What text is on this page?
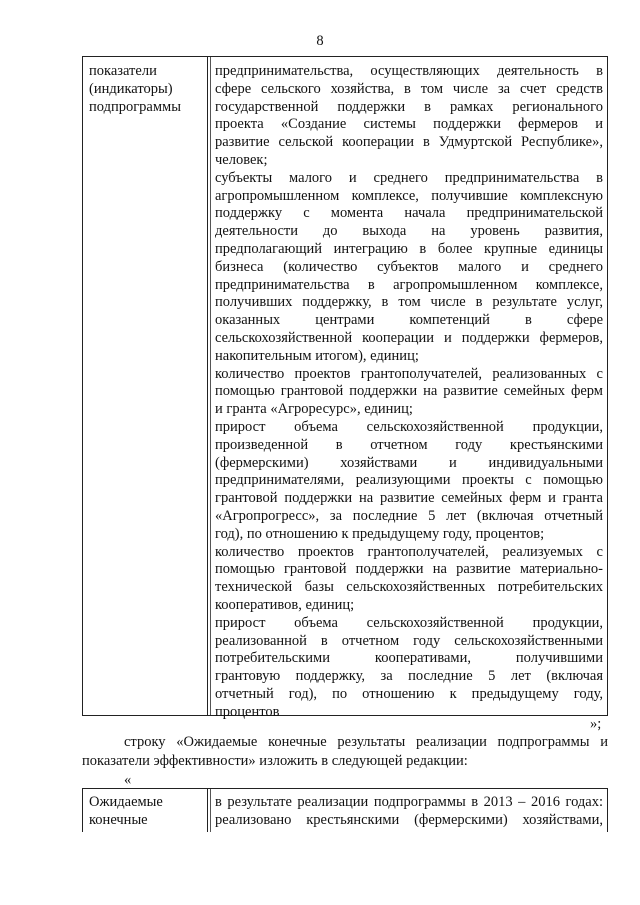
8
показатели
(индикаторы)
подпрограммы
предпринимательства, осуществляющих деятельность в
сфере сельского хозяйства, в том числе за счет средств
государственной поддержки в рамках регионального
проекта «Создание системы поддержки фермеров и
развитие сельской кооперации в Удмуртской Республике»,
человек;
субъекты малого и среднего предпринимательства в
агропромышленном комплексе, получившие комплексную
поддержку с момента начала предпринимательской
деятельности до выхода на уровень развития,
предполагающий интеграцию в более крупные единицы
бизнеса (количество субъектов малого и среднего
предпринимательства в агропромышленном комплексе,
получивших поддержку, в том числе в результате услуг,
оказанных центрами компетенций в сфере
сельскохозяйственной кооперации и поддержки фермеров,
накопительным итогом), единиц;
количество проектов грантополучателей, реализованных с
помощью грантовой поддержки на развитие семейных ферм
и гранта «Агроресурс», единиц;
прирост объема сельскохозяйственной продукции,
произведенной в отчетном году крестьянскими
(фермерскими) хозяйствами и индивидуальными
предпринимателями, реализующими проекты с помощью
грантовой поддержки на развитие семейных ферм и гранта
«Агропрогресс», за последние 5 лет (включая отчетный
год), по отношению к предыдущему году, процентов;
количество проектов грантополучателей, реализуемых с
помощью грантовой поддержки на развитие материально-
технической базы сельскохозяйственных потребительских
кооперативов, единиц;
прирост объема сельскохозяйственной продукции,
реализованной в отчетном году сельскохозяйственными
потребительскими кооперативами, получившими
грантовую поддержку, за последние 5 лет (включая
отчетный год), по отношению к предыдущему году,
процентов
»;
строку «Ожидаемые конечные результаты реализации подпрограммы и
показатели эффективности» изложить в следующей редакции:
«
Ожидаемые
конечные
в результате реализации подпрограммы в 2013 – 2016 годах:
реализовано крестьянскими (фермерскими) хозяйствами,
